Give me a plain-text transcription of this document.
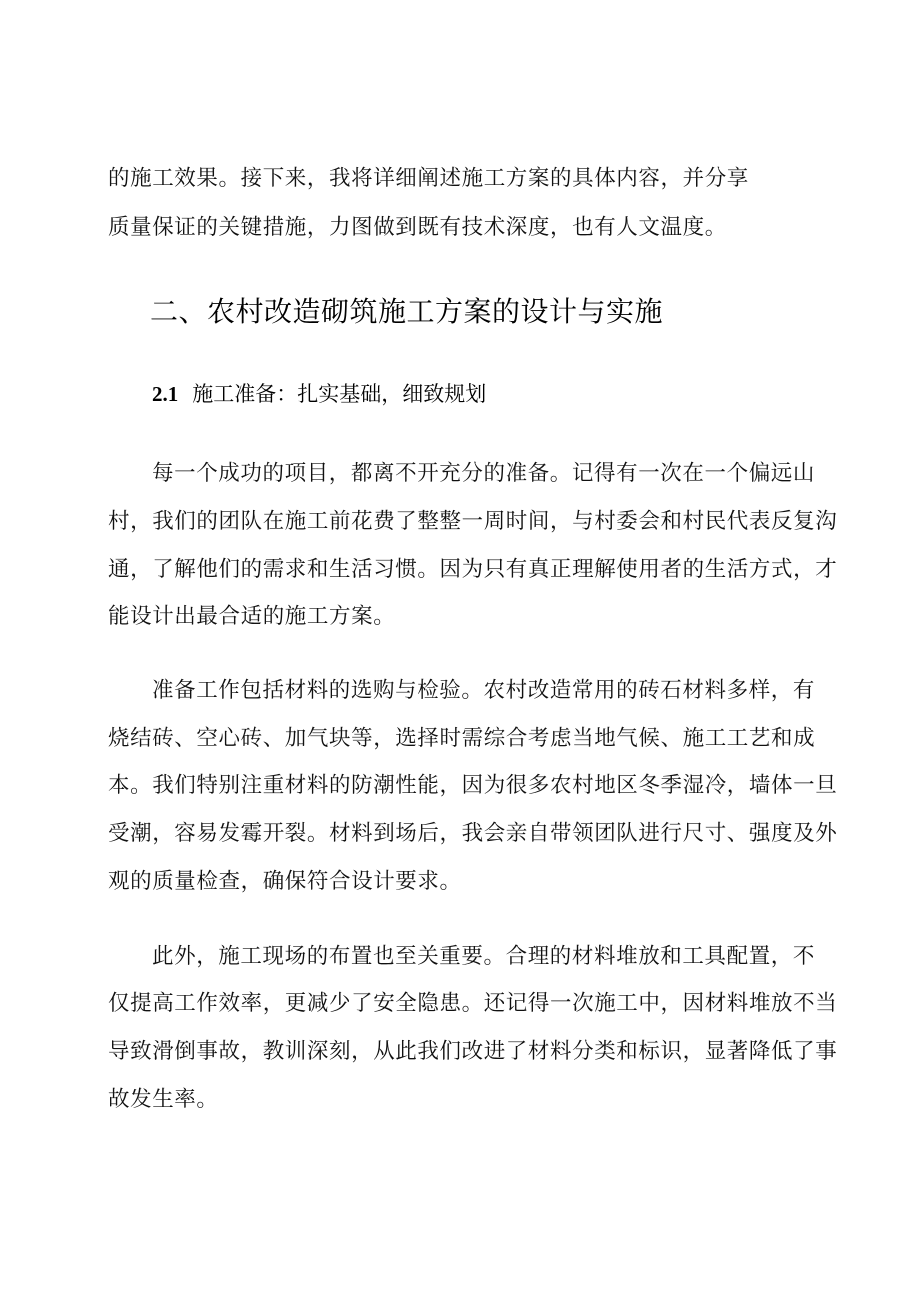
的施工效果。接下来，我将详细阐述施工方案的具体内容，并分享
质量保证的关键措施，力图做到既有技术深度，也有人文温度。
二、农村改造砌筑施工方案的设计与实施
2.1 施工准备：扎实基础，细致规划
每一个成功的项目，都离不开充分的准备。记得有一次在一个偏远山
村，我们的团队在施工前花费了整整一周时间，与村委会和村民代表反复沟
通，了解他们的需求和生活习惯。因为只有真正理解使用者的生活方式，才
能设计出最合适的施工方案。
准备工作包括材料的选购与检验。农村改造常用的砖石材料多样，有
烧结砖、空心砖、加气块等，选择时需综合考虑当地气候、施工工艺和成
本。我们特别注重材料的防潮性能，因为很多农村地区冬季湿冷，墙体一旦
受潮，容易发霉开裂。材料到场后，我会亲自带领团队进行尺寸、强度及外
观的质量检查，确保符合设计要求。
此外，施工现场的布置也至关重要。合理的材料堆放和工具配置，不
仅提高工作效率，更减少了安全隐患。还记得一次施工中，因材料堆放不当
导致滑倒事故，教训深刻，从此我们改进了材料分类和标识，显著降低了事
故发生率。
